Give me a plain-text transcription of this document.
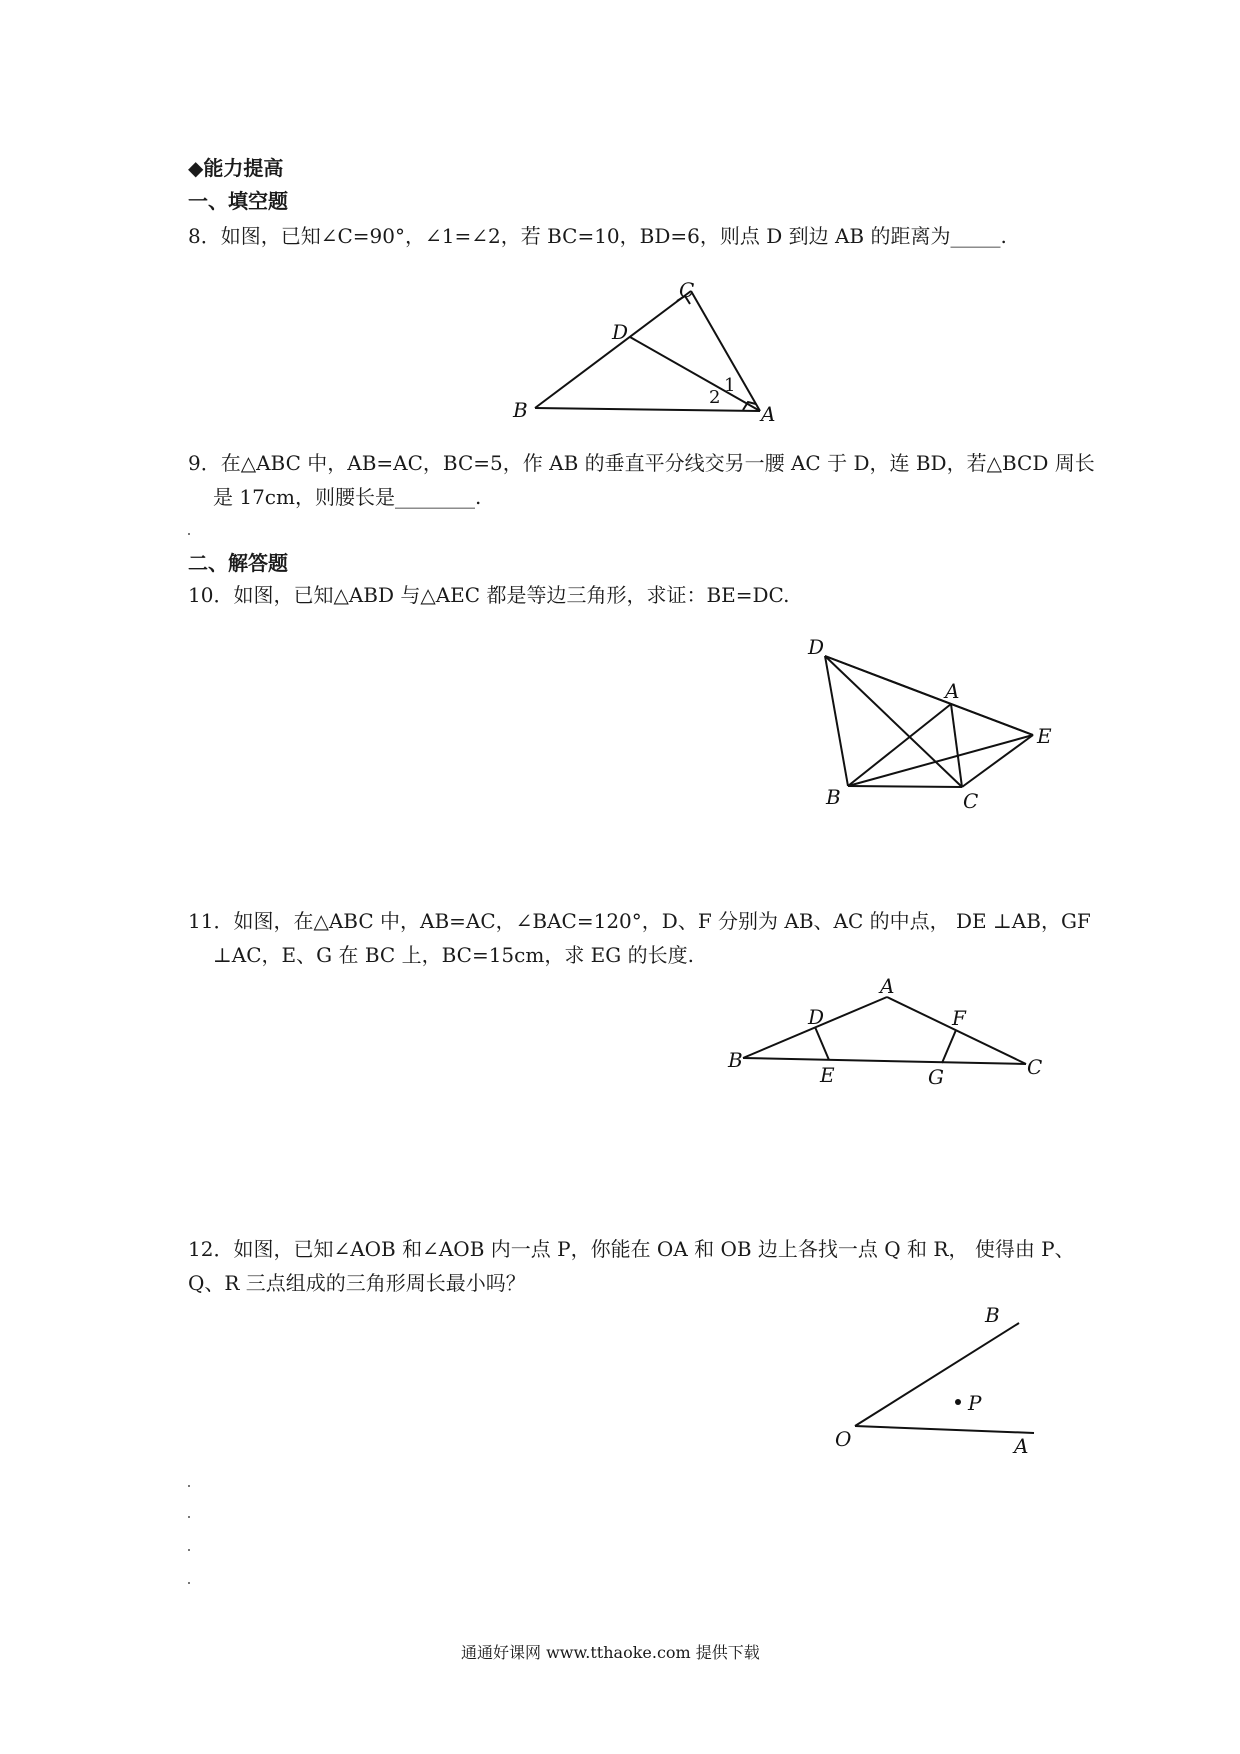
◆能力提高
一、填空题
8．如图，已知∠C=90°，∠1=∠2，若 BC=10，BD=6，则点 D 到边 AB 的距离为_____.
C
D
B	A
1
2
9．在△ABC 中，AB=AC，BC=5，作 AB 的垂直平分线交另一腰 AC 于 D，连 BD，若△BCD 周长
是 17cm，则腰长是________.
二、解答题
10．如图，已知△ABD 与△AEC 都是等边三角形，求证：BE=DC.
D
A
E
B	C
11．如图，在△ABC 中，AB=AC，∠BAC=120°，D、F 分别为 AB、AC 的中点， DE ⊥AB，GF
⊥AC，E、G 在 BC 上，BC=15cm，求 EG 的长度.
A
D	F
B
E	G	C
12．如图，已知∠AOB 和∠AOB 内一点 P，你能在 OA 和 OB 边上各找一点 Q 和 R， 使得由 P、
Q、R 三点组成的三角形周长最小吗？
B
P
O	A
通通好课网 www.tthaoke.com 提供下载
